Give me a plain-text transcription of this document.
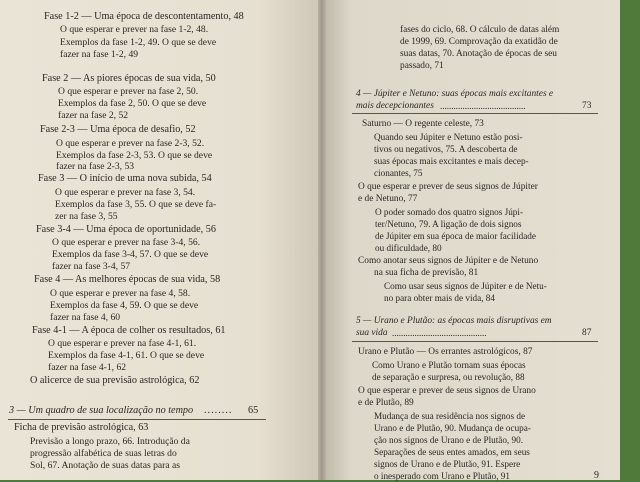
Fase 1-2 — Uma época de descontentamento, 48
O que esperar e prever na fase 1-2, 48.
Exemplos da fase 1-2, 49. O que se deve
fazer na fase 1-2, 49
Fase 2 — As piores épocas de sua vida, 50
O que esperar e prever na fase 2, 50.
Exemplos da fase 2, 50. O que se deve
fazer na fase 2, 52
Fase 2-3 — Uma época de desafio, 52
O que esperar e prever na fase 2-3, 52.
Exemplos da fase 2-3, 53. O que se deve
fazer na fase 2-3, 53
Fase 3 — O início de uma nova subida, 54
O que esperar e prever na fase 3, 54.
Exemplos da fase 3, 55. O que se deve fa-
zer na fase 3, 55
Fase 3-4 — Uma época de oportunidade, 56
O que esperar e prever na fase 3-4, 56.
Exemplos da fase 3-4, 57. O que se deve
fazer na fase 3-4, 57
Fase 4 — As melhores épocas de sua vida, 58
O que esperar e prever na fase 4, 58.
Exemplos da fase 4, 59. O que se deve
fazer na fase 4, 60
Fase 4-1 — A época de colher os resultados, 61
O que esperar e prever na fase 4-1, 61.
Exemplos da fase 4-1, 61. O que se deve
fazer na fase 4-1, 62
O alicerce de sua previsão astrológica, 62
3 — Um quadro de sua localização no tempo ........ 65
Ficha de previsão astrológica, 63
Previsão a longo prazo, 66. Introdução da
progressão alfabética de suas letras do
Sol, 67. Anotação de suas datas para as
fases do ciclo, 68. O cálculo de datas além
de 1999, 69. Comprovação da exatidão de
suas datas, 70. Anotação de épocas de seu
passado, 71
4 — Júpiter e Netuno: suas épocas mais excitantes e
mais decepcionantes ......................................	73
Saturno — O regente celeste, 73
Quando seu Júpiter e Netuno estão posi-
tivos ou negativos, 75. A descoberta de
suas épocas mais excitantes e mais decep-
cionantes, 75
O que esperar e prever de seus signos de Júpiter
e de Netuno, 77
O poder somado dos quatro signos Júpi-
ter/Netuno, 79. A ligação de dois signos
de Júpiter em sua época de maior facilidade
ou dificuldade, 80
Como anotar seus signos de Júpiter e de Netuno
na sua ficha de previsão, 81
Como usar seus signos de Júpiter e de Netu-
no para obter mais de vida, 84
5 — Urano e Plutão: as épocas mais disruptivas em
sua vida ..........................................	87
Urano e Plutão — Os errantes astrológicos, 87
Como Urano e Plutão tornam suas épocas
de separação e surpresa, ou revolução, 88
O que esperar e prever de seus signos de Urano
e de Plutão, 89
Mudança de sua residência nos signos de
Urano e de Plutão, 90. Mudança de ocupa-
ção nos signos de Urano e de Plutão, 90.
Separações de seus entes amados, em seus
signos de Urano e de Plutão, 91. Espere
o inesperado com Urano e Plutão, 91	9
